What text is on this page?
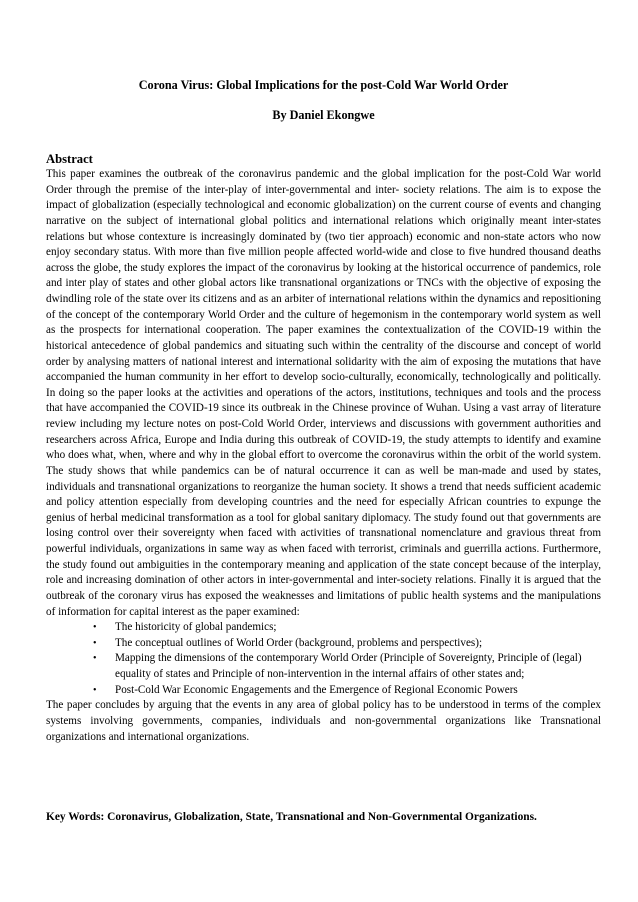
Corona Virus: Global Implications for the post-Cold War World Order
By Daniel Ekongwe
Abstract

This paper examines the outbreak of the coronavirus pandemic and the global implication for the post-Cold War world Order through the premise of the inter-play of inter-governmental and inter- society relations. The aim is to expose the impact of globalization (especially technological and economic globalization) on the current course of events and changing narrative on the subject of international global politics and international relations which originally meant inter-states relations but whose contexture is increasingly dominated by (two tier approach) economic and non-state actors who now enjoy secondary status. With more than five million people affected world-wide and close to five hundred thousand deaths across the globe, the study explores the impact of the coronavirus by looking at the historical occurrence of pandemics, role and inter play of states and other global actors like transnational organizations or TNCs with the objective of exposing the dwindling role of the state over its citizens and as an arbiter of international relations within the dynamics and repositioning of the concept of the contemporary World Order and the culture of hegemonism in the contemporary world system as well as the prospects for international cooperation. The paper examines the contextualization of the COVID-19 within the historical antecedence of global pandemics and situating such within the centrality of the discourse and concept of world order by analysing matters of national interest and international solidarity with the aim of exposing the mutations that have accompanied the human community in her effort to develop socio-culturally, economically, technologically and politically. In doing so the paper looks at the activities and operations of the actors, institutions, techniques and tools and the process that have accompanied the COVID-19 since its outbreak in the Chinese province of Wuhan. Using a vast array of literature review including my lecture notes on post-Cold World Order, interviews and discussions with government authorities and researchers across Africa, Europe and India during this outbreak of COVID-19, the study attempts to identify and examine who does what, when, where and why in the global effort to overcome the coronavirus within the orbit of the world system. The study shows that while pandemics can be of natural occurrence it can as well be man-made and used by states, individuals and transnational organizations to reorganize the human society. It shows a trend that needs sufficient academic and policy attention especially from developing countries and the need for especially African countries to expunge the genius of herbal medicinal transformation as a tool for global sanitary diplomacy. The study found out that governments are losing control over their sovereignty when faced with activities of transnational nomenclature and gravious threat from powerful individuals, organizations in same way as when faced with terrorist, criminals and guerrilla actions. Furthermore, the study found out ambiguities in the contemporary meaning and application of the state concept because of the interplay, role and increasing domination of other actors in inter-governmental and inter-society relations. Finally it is argued that the outbreak of the coronary virus has exposed the weaknesses and limitations of public health systems and the manipulations of information for capital interest as the paper examined:

• The historicity of global pandemics;
• The conceptual outlines of World Order (background, problems and perspectives);
• Mapping the dimensions of the contemporary World Order (Principle of Sovereignty, Principle of (legal) equality of states and Principle of non-intervention in the internal affairs of other states and;
• Post-Cold War Economic Engagements and the Emergence of Regional Economic Powers

The paper concludes by arguing that the events in any area of global policy has to be understood in terms of the complex systems involving governments, companies, individuals and non-governmental organizations like Transnational organizations and international organizations.

Key Words: Coronavirus, Globalization, State, Transnational and Non-Governmental Organizations.
